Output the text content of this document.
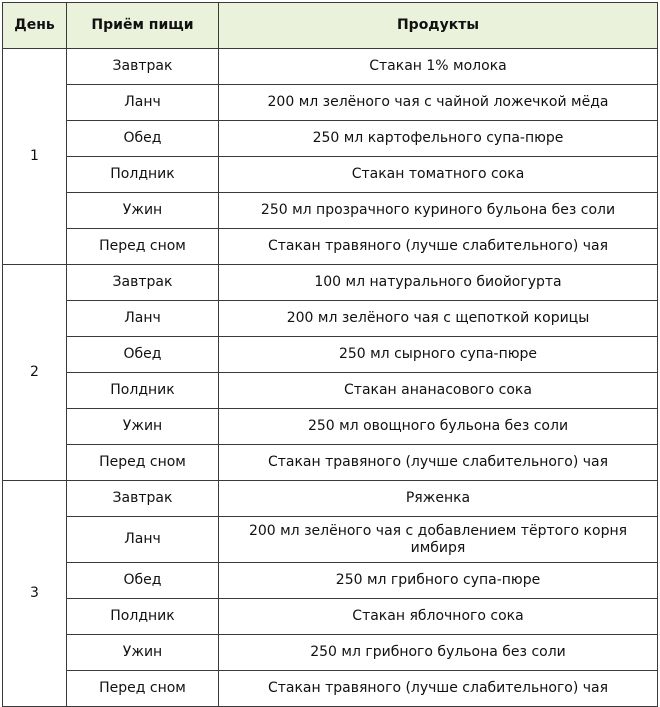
День	Приём пищи	Продукты
1	Завтрак	Стакан 1% молока
	Ланч	200 мл зелёного чая с чайной ложечкой мёда
	Обед	250 мл картофельного супа-пюре
	Полдник	Стакан томатного сока
	Ужин	250 мл прозрачного куриного бульона без соли
	Перед сном	Стакан травяного (лучше слабительного) чая
2	Завтрак	100 мл натурального биойогурта
	Ланч	200 мл зелёного чая с щепоткой корицы
	Обед	250 мл сырного супа-пюре
	Полдник	Стакан ананасового сока
	Ужин	250 мл овощного бульона без соли
	Перед сном	Стакан травяного (лучше слабительного) чая
3	Завтрак	Ряженка
	Ланч	200 мл зелёного чая с добавлением тёртого корня имбиря
	Обед	250 мл грибного супа-пюре
	Полдник	Стакан яблочного сока
	Ужин	250 мл грибного бульона без соли
	Перед сном	Стакан травяного (лучше слабительного) чая
